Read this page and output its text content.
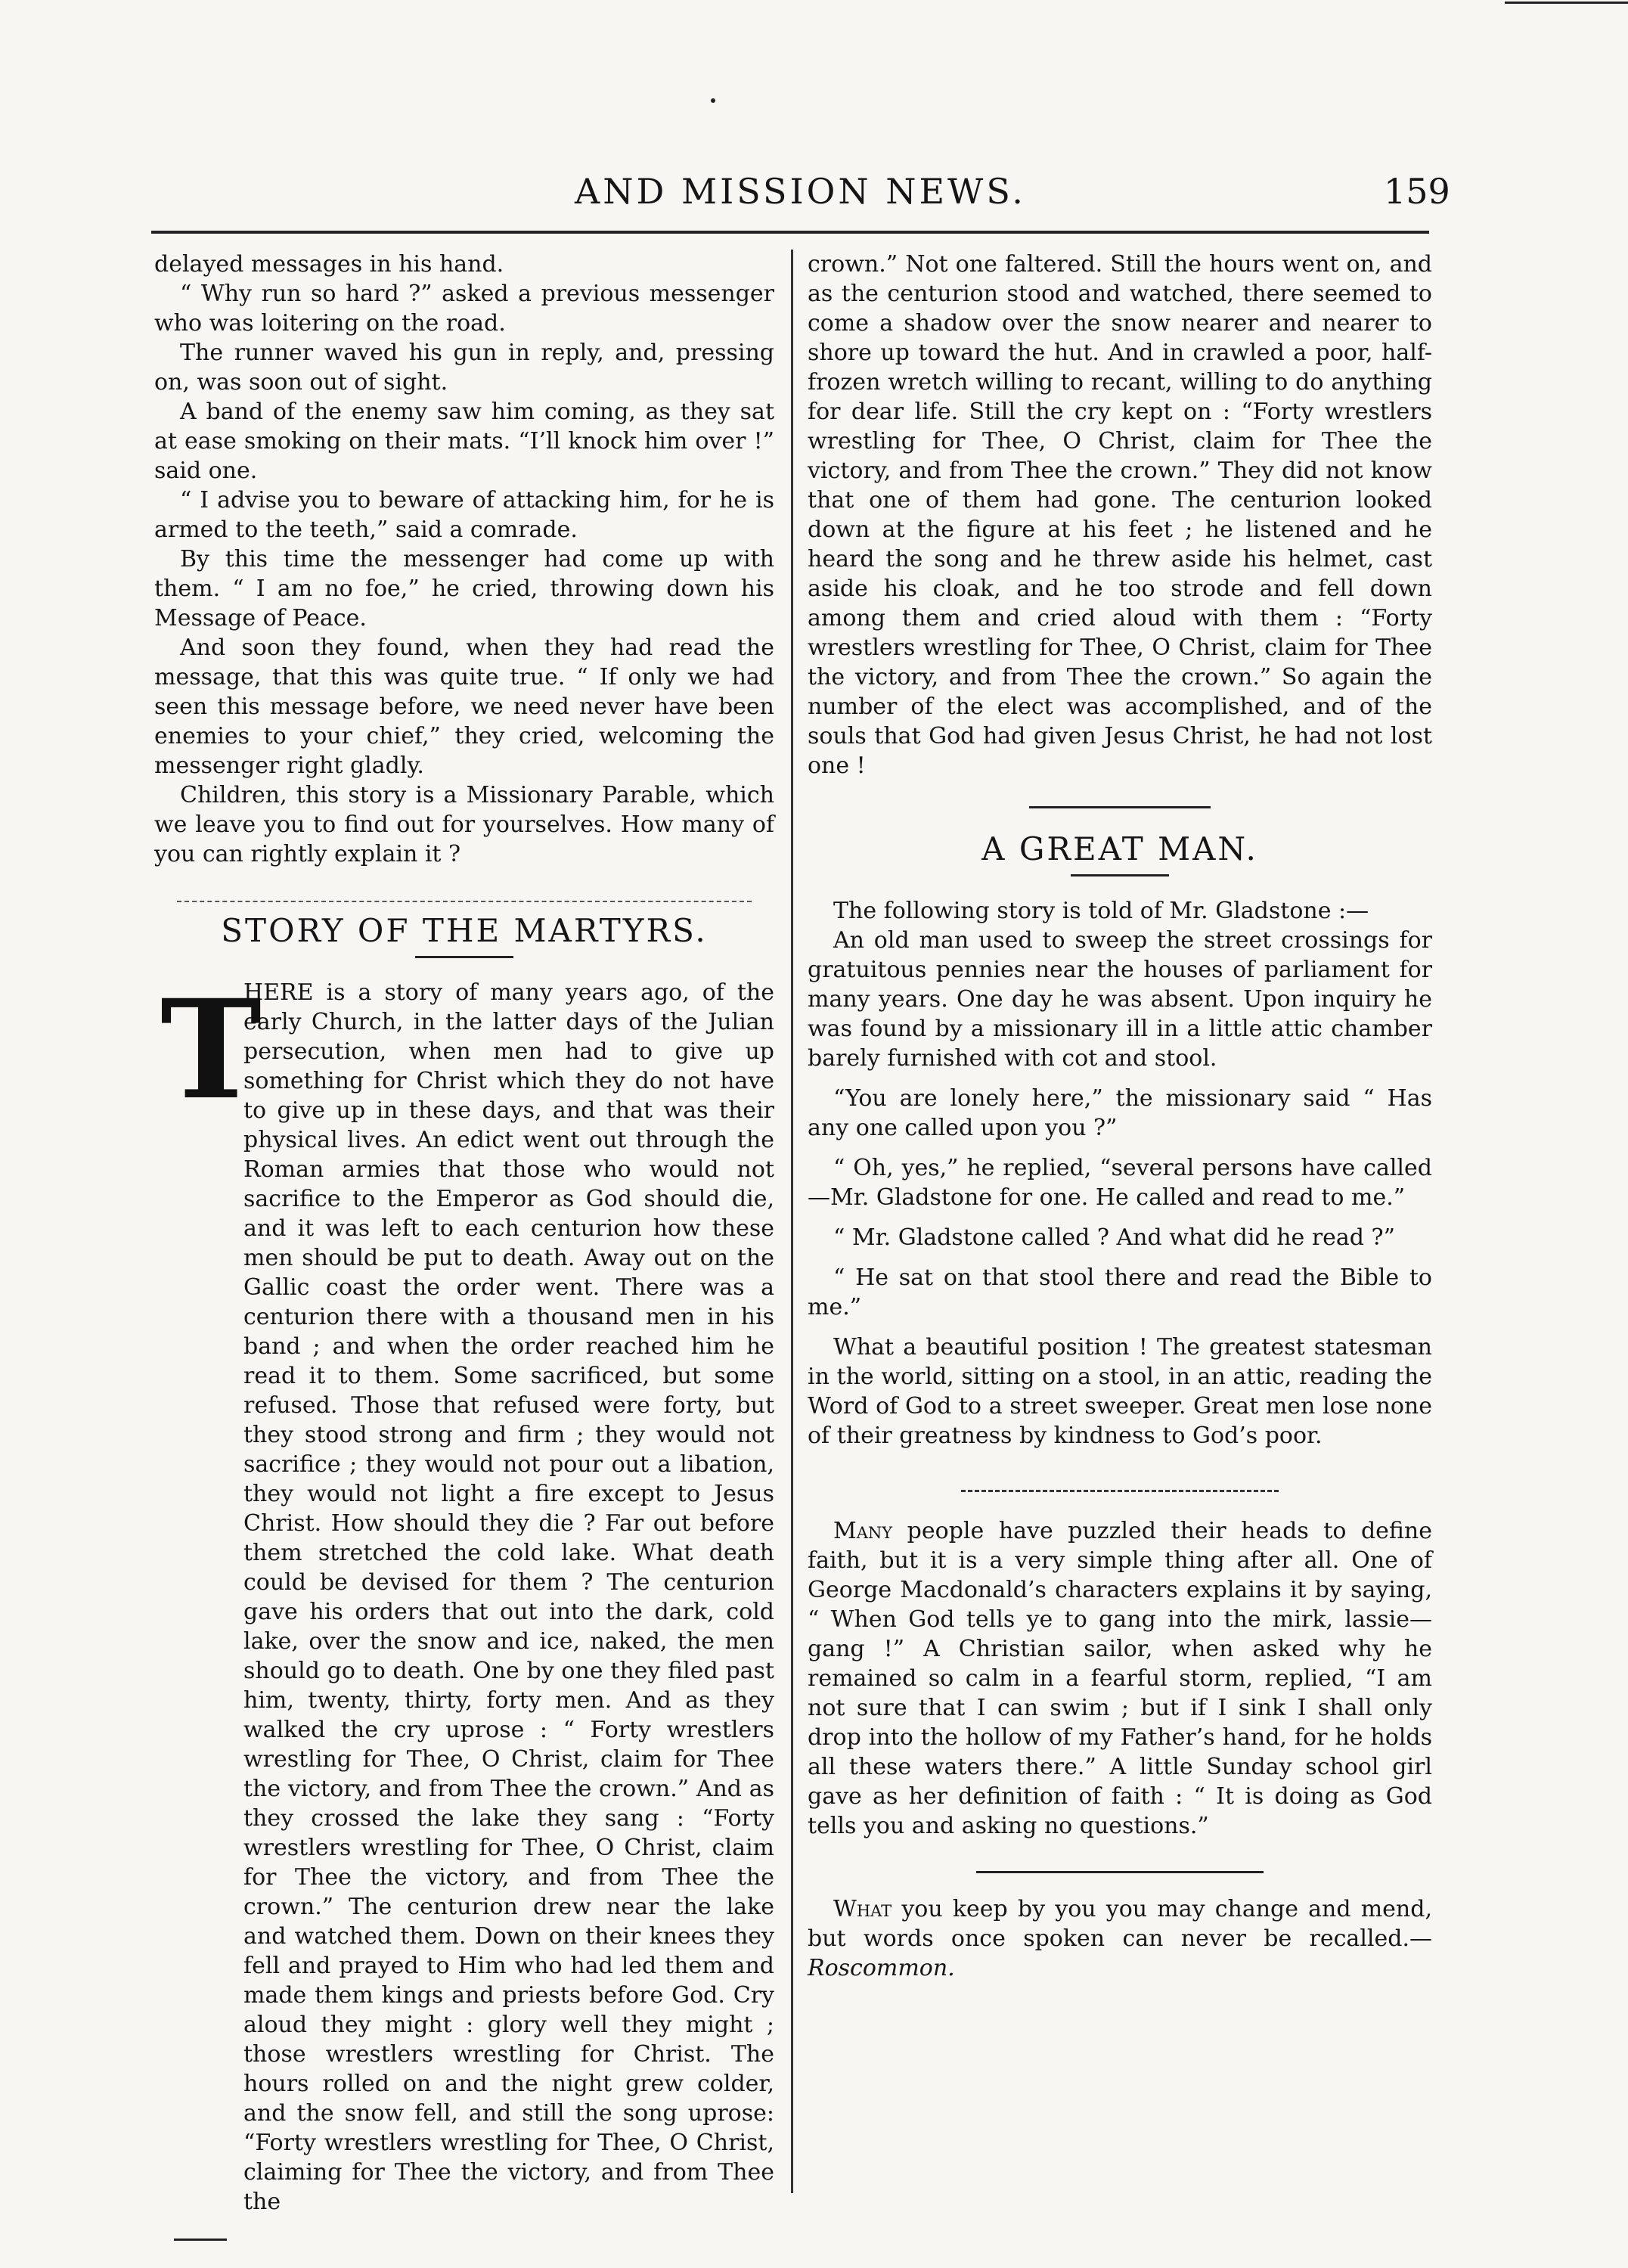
AND MISSION NEWS.	159

delayed messages in his hand.

“ Why run so hard ?” asked a previous messenger who was loitering on the road.

The runner waved his gun in reply, and, pressing on, was soon out of sight.

A band of the enemy saw him coming, as they sat at ease smoking on their mats. “I’ll knock him over !” said one.

“ I advise you to beware of attacking him, for he is armed to the teeth,” said a comrade.

By this time the messenger had come up with them. “ I am no foe,” he cried, throwing down his Message of Peace.

And soon they found, when they had read the message, that this was quite true. “ If only we had seen this message before, we need never have been enemies to your chief,” they cried, welcoming the messenger right gladly.

Children, this story is a Missionary Parable, which we leave you to find out for yourselves. How many of you can rightly explain it ?

STORY OF THE MARTYRS.
T

HERE is a story of many years ago, of the early Church, in the latter days of the Julian persecution, when men had to give up something for Christ which they do not have to give up in these days, and that was their physical lives. An edict went out through the Roman armies that those who would not sacrifice to the Emperor as God should die, and it was left to each centurion how these men should be put to death. Away out on the Gallic coast the order went. There was a centurion there with a thousand men in his band ; and when the order reached him he read it to them. Some sacrificed, but some refused. Those that refused were forty, but they stood strong and firm ; they would not sacrifice ; they would not pour out a libation, they would not light a fire except to Jesus Christ. How should they die ? Far out before them stretched the cold lake. What death could be devised for them ? The centurion gave his orders that out into the dark, cold lake, over the snow and ice, naked, the men should go to death. One by one they filed past him, twenty, thirty, forty men. And as they walked the cry uprose : “ Forty wrestlers wrestling for Thee, O Christ, claim for Thee the victory, and from Thee the crown.” And as they crossed the lake they sang : “Forty wrestlers wrestling for Thee, O Christ, claim for Thee the victory, and from Thee the crown.” The centurion drew near the lake and watched them. Down on their knees they fell and prayed to Him who had led them and made them kings and priests before God. Cry aloud they might : glory well they might ; those wrestlers wrestling for Christ. The hours rolled on and the night grew colder, and the snow fell, and still the song uprose: “Forty wrestlers wrestling for Thee, O Christ, claiming for Thee the victory, and from Thee the

crown.” Not one faltered. Still the hours went on, and as the centurion stood and watched, there seemed to come a shadow over the snow nearer and nearer to shore up toward the hut. And in crawled a poor, half-frozen wretch willing to recant, willing to do anything for dear life. Still the cry kept on : “Forty wrestlers wrestling for Thee, O Christ, claim for Thee the victory, and from Thee the crown.” They did not know that one of them had gone. The centurion looked down at the figure at his feet ; he listened and he heard the song and he threw aside his helmet, cast aside his cloak, and he too strode and fell down among them and cried aloud with them : “Forty wrestlers wrestling for Thee, O Christ, claim for Thee the victory, and from Thee the crown.” So again the number of the elect was accomplished, and of the souls that God had given Jesus Christ, he had not lost one !

A GREAT MAN.

The following story is told of Mr. Gladstone :—

An old man used to sweep the street crossings for gratuitous pennies near the houses of parliament for many years. One day he was absent. Upon inquiry he was found by a missionary ill in a little attic chamber barely furnished with cot and stool.

“You are lonely here,” the missionary said “ Has any one called upon you ?”

“ Oh, yes,” he replied, “several persons have called—Mr. Gladstone for one. He called and read to me.”

“ Mr. Gladstone called ? And what did he read ?”

“ He sat on that stool there and read the Bible to me.”

What a beautiful position ! The greatest statesman in the world, sitting on a stool, in an attic, reading the Word of God to a street sweeper. Great men lose none of their greatness by kindness to God’s poor.

Many people have puzzled their heads to define faith, but it is a very simple thing after all. One of George Macdonald’s characters explains it by saying, “ When God tells ye to gang into the mirk, lassie—gang !” A Christian sailor, when asked why he remained so calm in a fearful storm, replied, “I am not sure that I can swim ; but if I sink I shall only drop into the hollow of my Father’s hand, for he holds all these waters there.” A little Sunday school girl gave as her definition of faith : “ It is doing as God tells you and asking no questions.”

What you keep by you you may change and mend, but words once spoken can never be recalled.—Roscommon.
